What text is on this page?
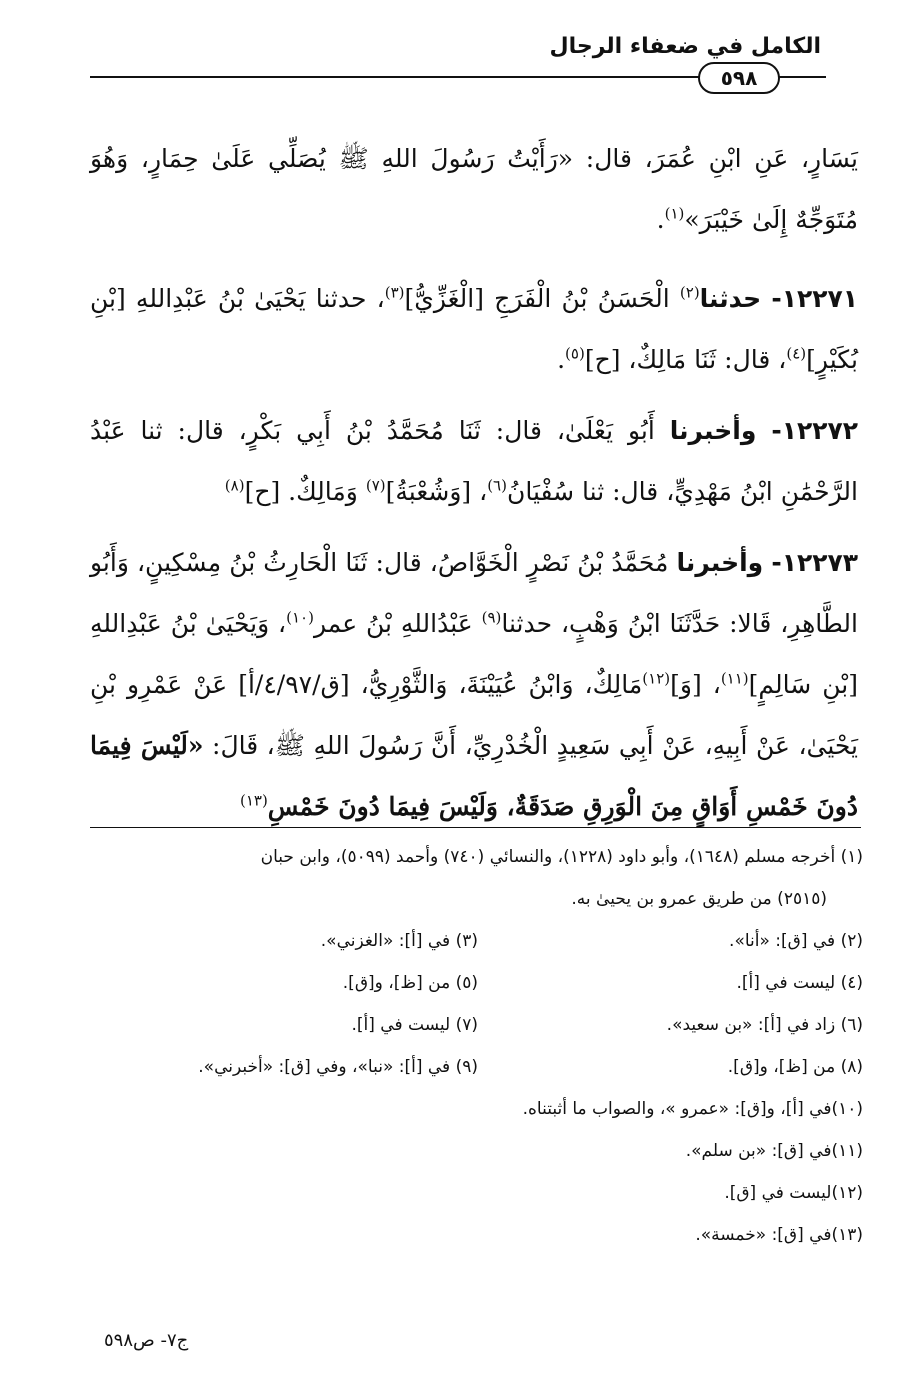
الكامل في ضعفاء الرجال
٥٩٨

يَسَارٍ، عَنِ ابْنِ عُمَرَ، قال: «رَأَيْتُ رَسُولَ اللهِ ﷺ يُصَلِّي عَلَىٰ حِمَارٍ، وَهُوَ مُتَوَجِّهٌ إِلَىٰ خَيْبَرَ»$^{(١)}$.

١٢٢٧١- حدثنا$^{(٢)}$ الْحَسَنُ بْنُ الْفَرَجِ [الْغَزِّيُّ]$^{(٣)}$، حدثنا يَحْيَىٰ بْنُ عَبْدِاللهِ [بْنِ بُكَيْرٍ]$^{(٤)}$، قال: ثَنَا مَالِكٌ، [ح]$^{(٥)}$.

١٢٢٧٢- وأخبرنا أَبُو يَعْلَىٰ، قال: ثَنَا مُحَمَّدُ بْنُ أَبِي بَكْرٍ، قال: ثنا عَبْدُ الرَّحْمَٰنِ ابْنُ مَهْدِيٍّ، قال: ثنا سُفْيَانُ$^{(٦)}$، [وَشُعْبَةُ]$^{(٧)}$ وَمَالِكٌ. [ح]$^{(٨)}$

١٢٢٧٣- وأخبرنا مُحَمَّدُ بْنُ نَصْرٍ الْخَوَّاصُ، قال: ثَنَا الْحَارِثُ بْنُ مِسْكِينٍ، وَأَبُو الطَّاهِرِ، قَالا: حَدَّثَنَا ابْنُ وَهْبٍ، حدثنا$^{(٩)}$ عَبْدُاللهِ بْنُ عمر$^{(١٠)}$، وَيَحْيَىٰ بْنُ عَبْدِاللهِ [بْنِ سَالِمٍ]$^{(١١)}$، [وَ]$^{(١٢)}$مَالِكٌ، وَابْنُ عُيَيْنَةَ، وَالثَّوْرِيُّ، [ق/٤/٩٧/أ] عَنْ عَمْرِو بْنِ يَحْيَىٰ، عَنْ أَبِيهِ، عَنْ أَبِي سَعِيدٍ الْخُدْرِيِّ، أَنَّ رَسُولَ اللهِ ﷺ، قَالَ: «لَيْسَ فِيمَا دُونَ خَمْسِ أَوَاقٍ مِنَ الْوَرِقِ صَدَقَةٌ، وَلَيْسَ فِيمَا دُونَ خَمْسِ$^{(١٣)}$

(١) أخرجه مسلم (١٦٤٨)، وأبو داود (١٢٢٨)، والنسائي (٧٤٠) وأحمد (٥٠٩٩)، وابن حبان
(٢٥١٥) من طريق عمرو بن يحيىٰ به.
(٢) في [ق]: «أنا».
(٣) في [أ]: «الغزني».
(٤) ليست في [أ].
(٥) من [ظ]، و[ق].
(٦) زاد في [أ]: «بن سعيد».
(٧) ليست في [أ].
(٨) من [ظ]، و[ق].
(٩) في [أ]: «نبا»، وفي [ق]: «أخبرني».
(١٠)في [أ]، و[ق]: «عمرو »، والصواب ما أثبتناه.
(١١)في [ق]: «بن سلم».
(١٢)ليست في [ق].
(١٣)في [ق]: «خمسة».
ج٧- ص٥٩٨
